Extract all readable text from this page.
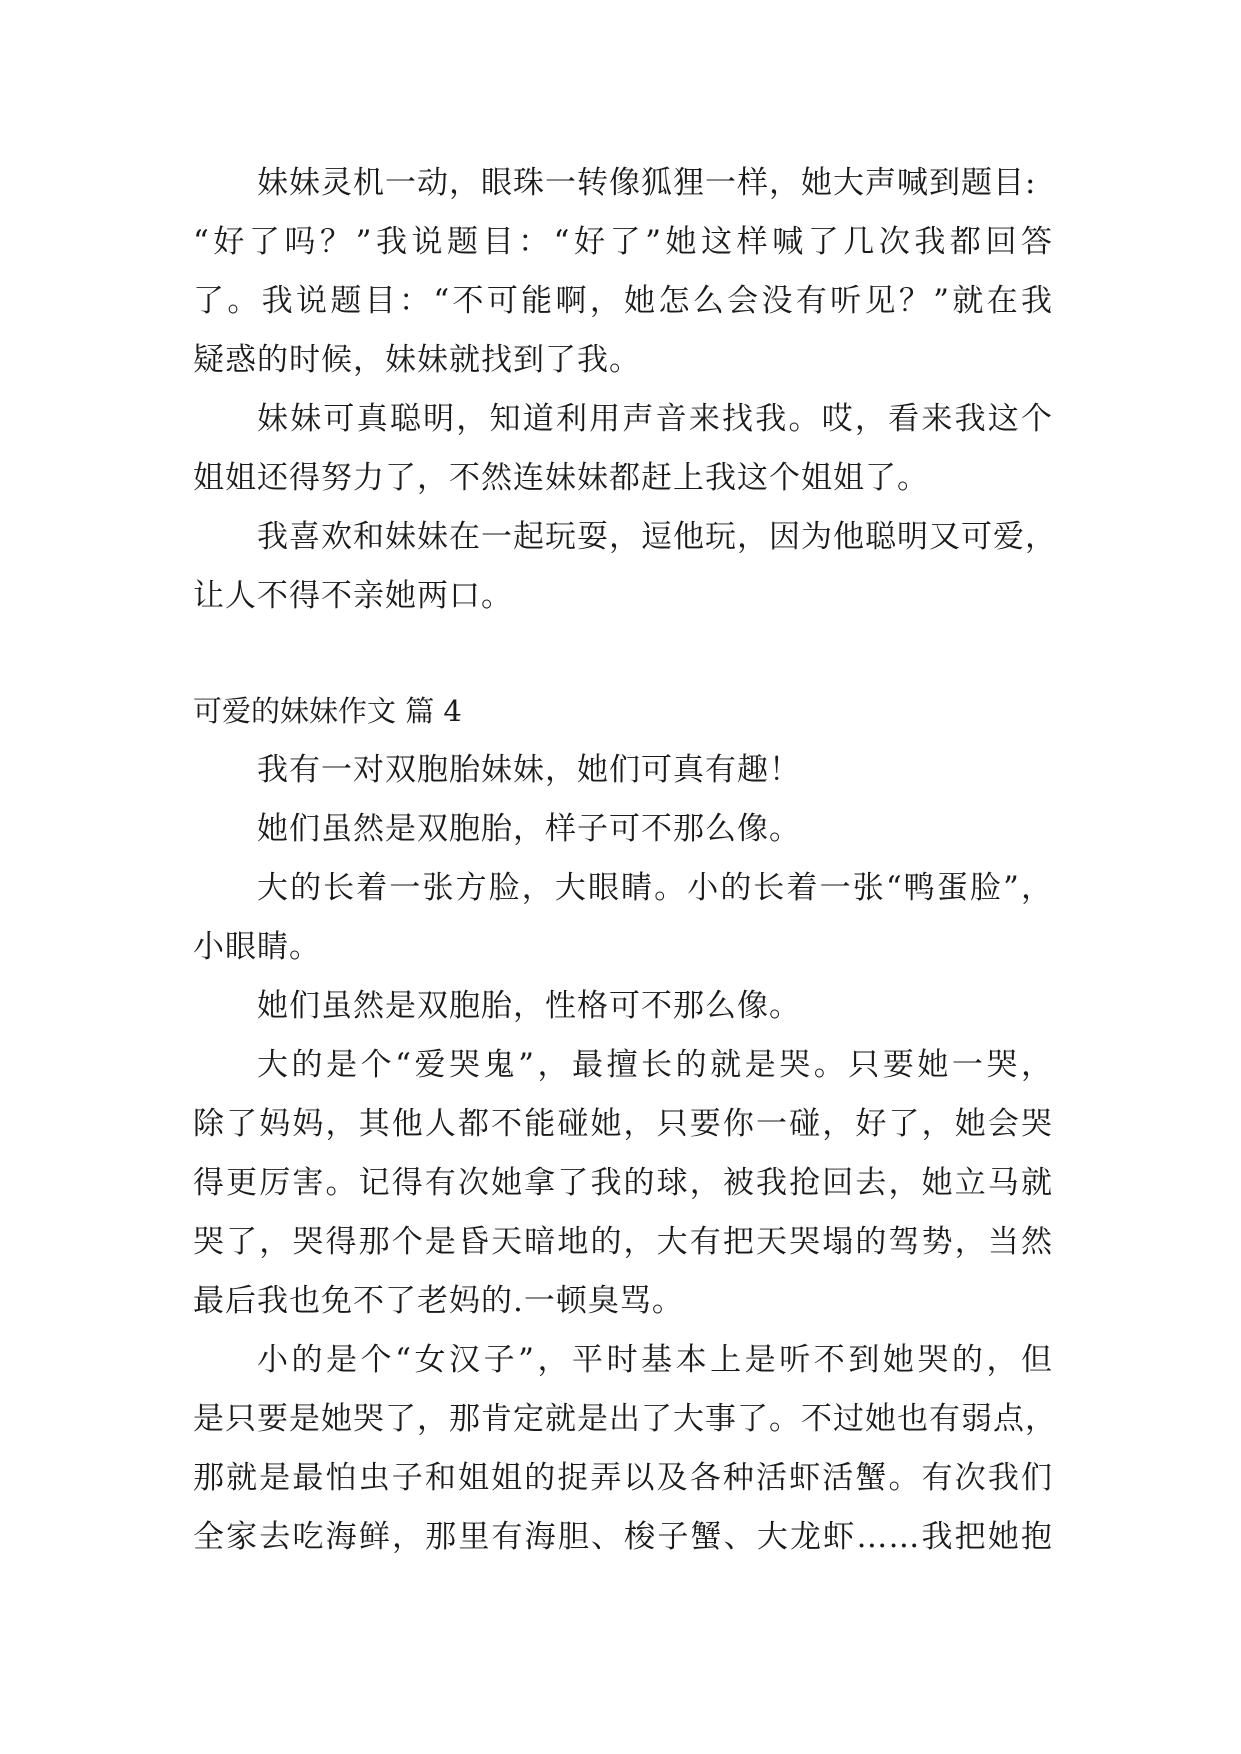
妹妹灵机一动，眼珠一转像狐狸一样，她大声喊到题目:
“好了吗？”我说题目：“好了”她这样喊了几次我都回答
了。我说题目：“不可能啊，她怎么会没有听见？”就在我
疑惑的时候，妹妹就找到了我。
妹妹可真聪明，知道利用声音来找我。哎，看来我这个
姐姐还得努力了，不然连妹妹都赶上我这个姐姐了。
我喜欢和妹妹在一起玩耍，逗他玩，因为他聪明又可爱，
让人不得不亲她两口。
可爱的妹妹作文 篇 4
我有一对双胞胎妹妹，她们可真有趣！
她们虽然是双胞胎，样子可不那么像。
大的长着一张方脸，大眼睛。小的长着一张“鸭蛋脸”，
小眼睛。
她们虽然是双胞胎，性格可不那么像。
大的是个“爱哭鬼”，最擅长的就是哭。只要她一哭，
除了妈妈，其他人都不能碰她，只要你一碰，好了，她会哭
得更厉害。记得有次她拿了我的球，被我抢回去，她立马就
哭了，哭得那个是昏天暗地的，大有把天哭塌的驾势，当然
最后我也免不了老妈的.一顿臭骂。
小的是个“女汉子”，平时基本上是听不到她哭的，但
是只要是她哭了，那肯定就是出了大事了。不过她也有弱点，
那就是最怕虫子和姐姐的捉弄以及各种活虾活蟹。有次我们
全家去吃海鲜，那里有海胆、梭子蟹、大龙虾……我把她抱
